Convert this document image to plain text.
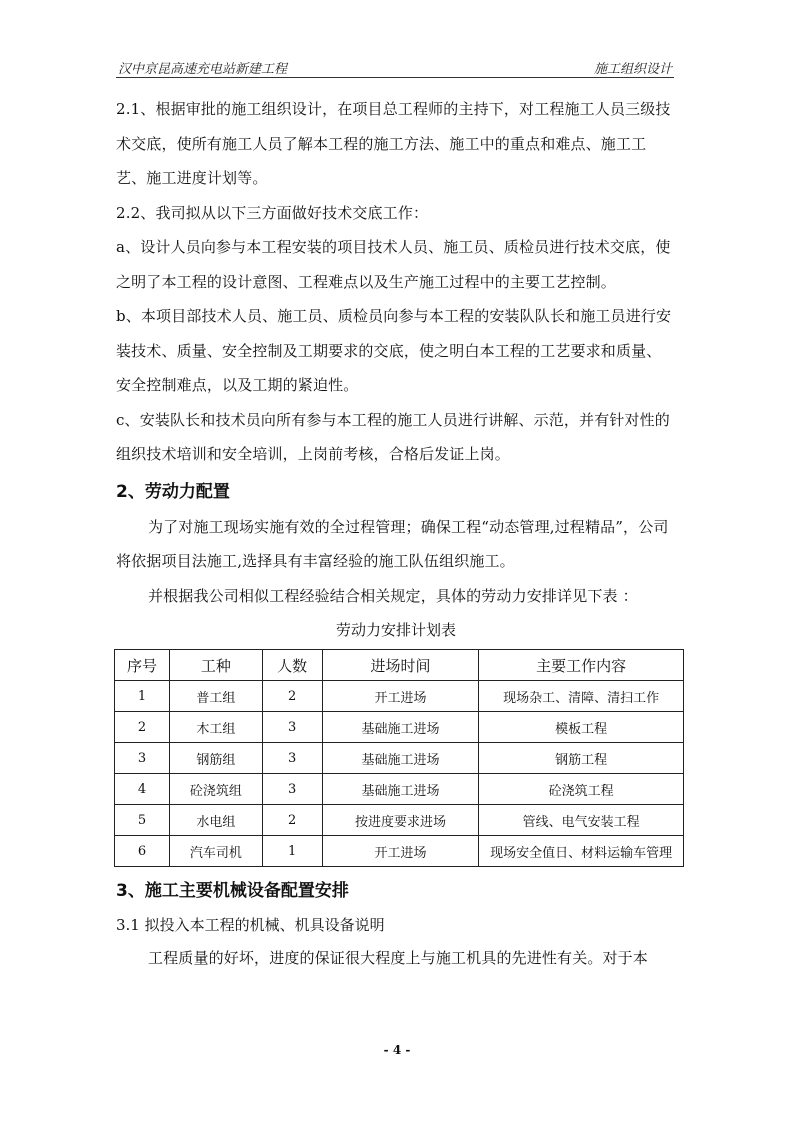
汉中京昆高速充电站新建工程	施工组织设计

2.1、根据审批的施工组织设计，在项目总工程师的主持下，对工程施工人员三级技术交底，使所有施工人员了解本工程的施工方法、施工中的重点和难点、施工工艺、施工进度计划等。

2.2、我司拟从以下三方面做好技术交底工作：

a、设计人员向参与本工程安装的项目技术人员、施工员、质检员进行技术交底，使之明了本工程的设计意图、工程难点以及生产施工过程中的主要工艺控制。

b、本项目部技术人员、施工员、质检员向参与本工程的安装队队长和施工员进行安装技术、质量、安全控制及工期要求的交底，使之明白本工程的工艺要求和质量、安全控制难点，以及工期的紧迫性。

c、安装队长和技术员向所有参与本工程的施工人员进行讲解、示范，并有针对性的组织技术培训和安全培训，上岗前考核，合格后发证上岗。

2、劳动力配置

为了对施工现场实施有效的全过程管理；确保工程“动态管理,过程精品”，公司将依据项目法施工,选择具有丰富经验的施工队伍组织施工。

并根据我公司相似工程经验结合相关规定，具体的劳动力安排详见下表 ：

劳动力安排计划表
序号	工种	人数	进场时间	主要工作内容
1	普工组	2	开工进场	现场杂工、清障、清扫工作
2	木工组	3	基础施工进场	模板工程
3	钢筋组	3	基础施工进场	钢筋工程
4	砼浇筑组	3	基础施工进场	砼浇筑工程
5	水电组	2	按进度要求进场	管线、电气安装工程
6	汽车司机	1	开工进场	现场安全值日、材料运输车管理
3、施工主要机械设备配置安排

3.1 拟投入本工程的机械、机具设备说明

工程质量的好坏，进度的保证很大程度上与施工机具的先进性有关。对于本

- 4 -
